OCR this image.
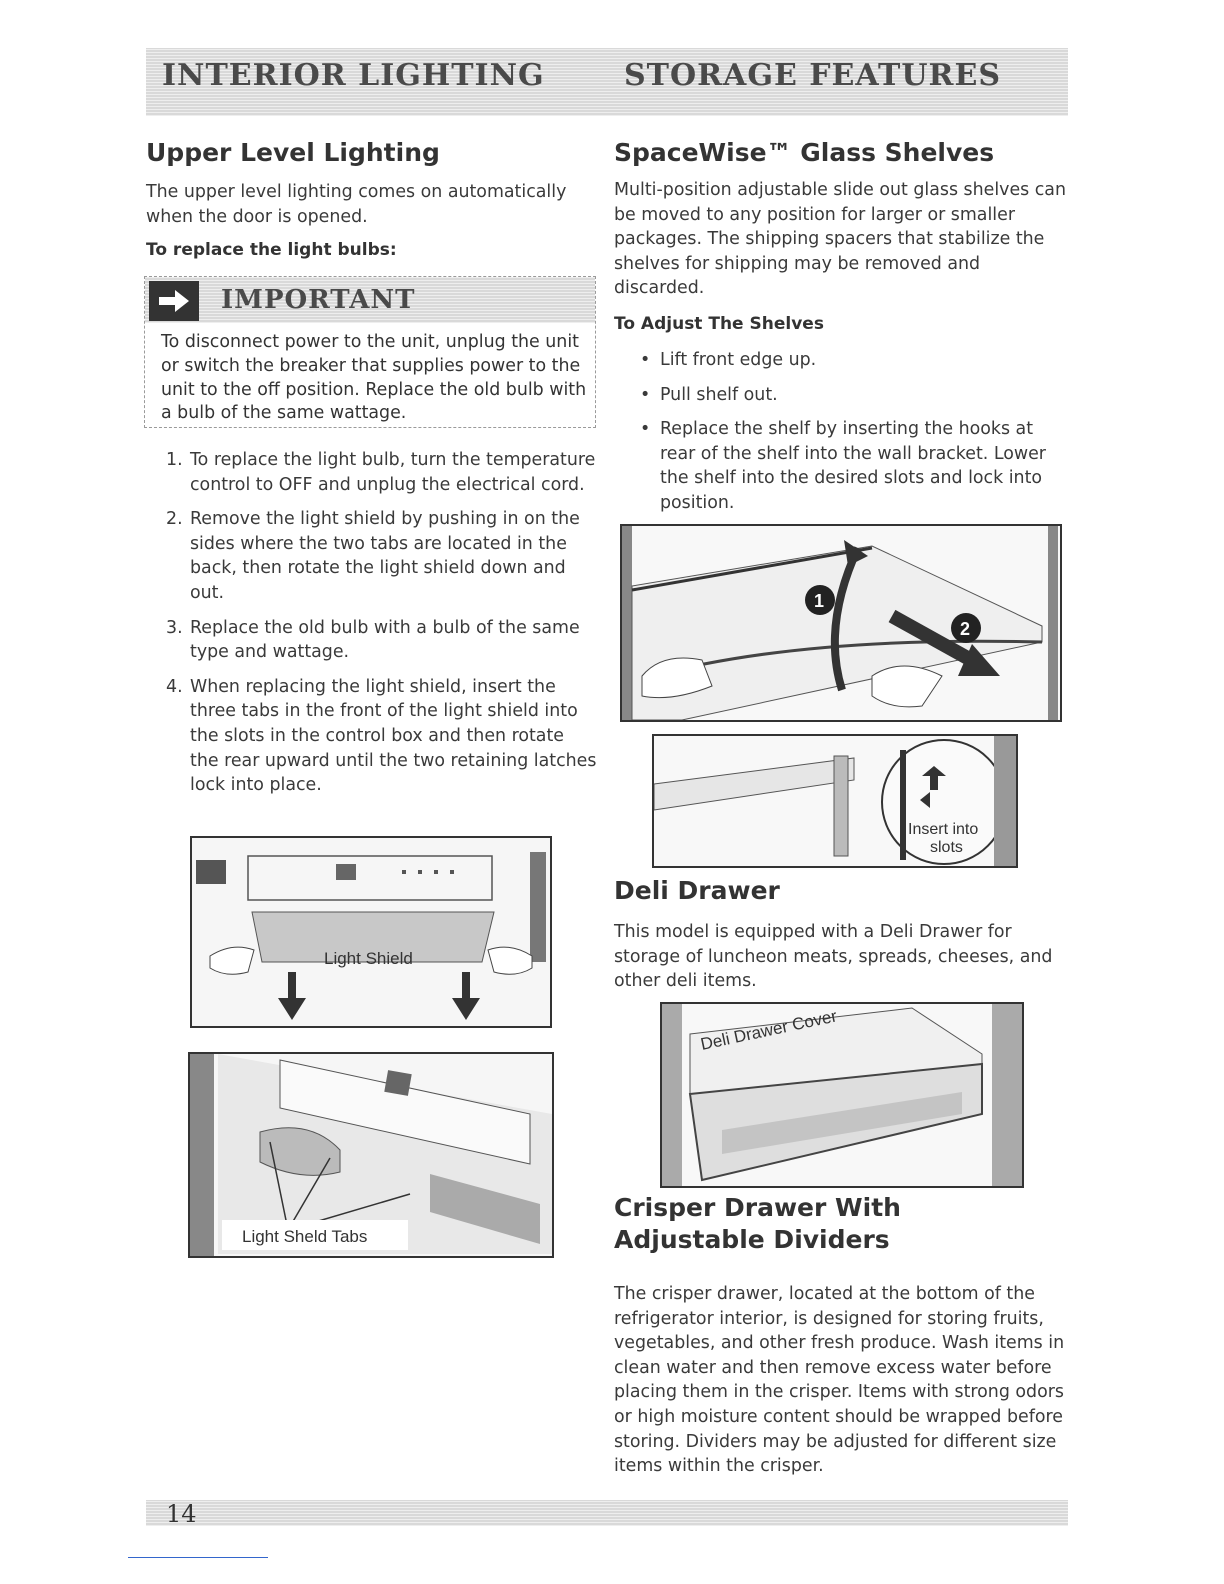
INTERIOR LIGHTING	STORAGE FEATURES
Upper Level Lighting
The upper level lighting comes on automatically when the door is opened.
To replace the light bulbs:
IMPORTANT
To disconnect power to the unit, unplug the unit or switch the breaker that supplies power to the unit to the off position. Replace the old bulb with a bulb of the same wattage.
1. To replace the light bulb, turn the temperature control to OFF and unplug the electrical cord.
2. Remove the light shield by pushing in on the sides where the two tabs are located in the back, then rotate the light shield down and out.
3. Replace the old bulb with a bulb of the same type and wattage.
4. When replacing the light shield, insert the three tabs in the front of the light shield into the slots in the control box and then rotate the rear upward until the two retaining latches lock into place.
Light Shield
Light Sheld Tabs
SpaceWise™ Glass Shelves
Multi-position adjustable slide out glass shelves can be moved to any position for larger or smaller packages. The shipping spacers that stabilize the shelves for shipping may be removed and discarded.
To Adjust The Shelves
• Lift front edge up.
• Pull shelf out.
• Replace the shelf by inserting the hooks at rear of the shelf into the wall bracket. Lower the shelf into the desired slots and lock into position.
1
2
Insert into
slots
Deli Drawer
This model is equipped with a Deli Drawer for storage of luncheon meats, spreads, cheeses, and other deli items.
Deli Drawer Cover
Crisper Drawer With
Adjustable Dividers
The crisper drawer, located at the bottom of the refrigerator interior, is designed for storing fruits, vegetables, and other fresh produce. Wash items in clean water and then remove excess water before placing them in the crisper. Items with strong odors or high moisture content should be wrapped before storing. Dividers may be adjusted for different size items within the crisper.
14
